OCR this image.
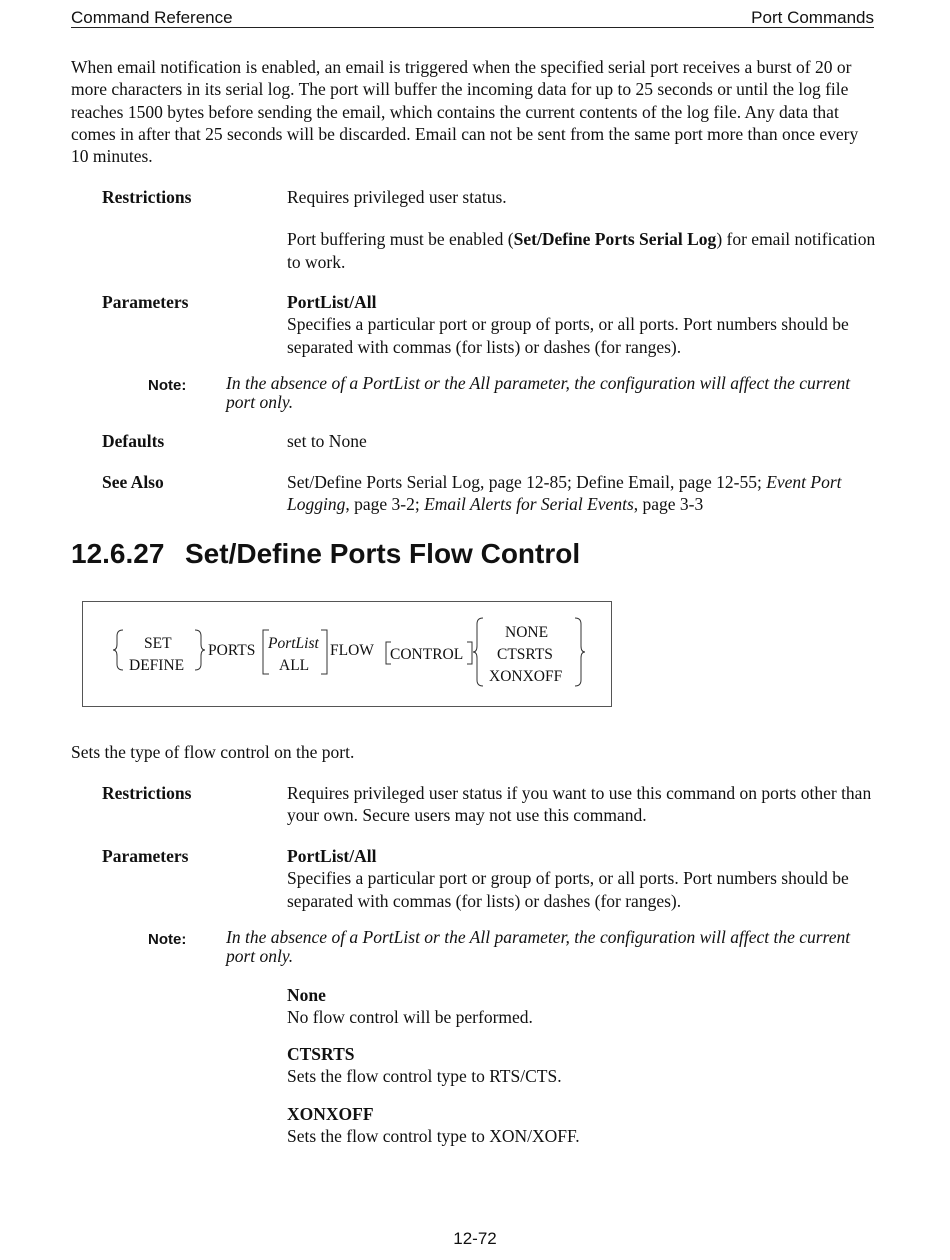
Command Reference	Port Commands

When email notification is enabled, an email is triggered when the specified serial port receives a burst of 20 or more characters in its serial log. The port will buffer the incoming data for up to 25 seconds or until the log file reaches 1500 bytes before sending the email, which contains the current contents of the log file. Any data that comes in after that 25 seconds will be discarded. Email can not be sent from the same port more than once every 10 minutes.

Restrictions	Requires privileged user status.

Port buffering must be enabled (Set/Define Ports Serial Log) for email notification to work.

Parameters	PortList/All

Specifies a particular port or group of ports, or all ports. Port numbers should be separated with commas (for lists) or dashes (for ranges).

Note: In the absence of a PortList or the All parameter, the configuration will affect the current port only.
Defaults	set to None
See Also	Set/Define Ports Serial Log, page 12-85; Define Email, page 12-55; Event Port Logging, page 3-2; Email Alerts for Serial Events, page 3-3
12.6.27 Set/Define Ports Flow Control
SET
DEFINE
PORTS PortList
ALL
FLOW CONTROL
NONE
CTSRTS
XONXOFF

Sets the type of flow control on the port.

Restrictions	Requires privileged user status if you want to use this command on ports other than your own. Secure users may not use this command.
Parameters	PortList/All

Specifies a particular port or group of ports, or all ports. Port numbers should be separated with commas (for lists) or dashes (for ranges).

Note: In the absence of a PortList or the All parameter, the configuration will affect the current port only.

None

No flow control will be performed.

CTSRTS

Sets the flow control type to RTS/CTS.

XONXOFF

Sets the flow control type to XON/XOFF.

12-72
